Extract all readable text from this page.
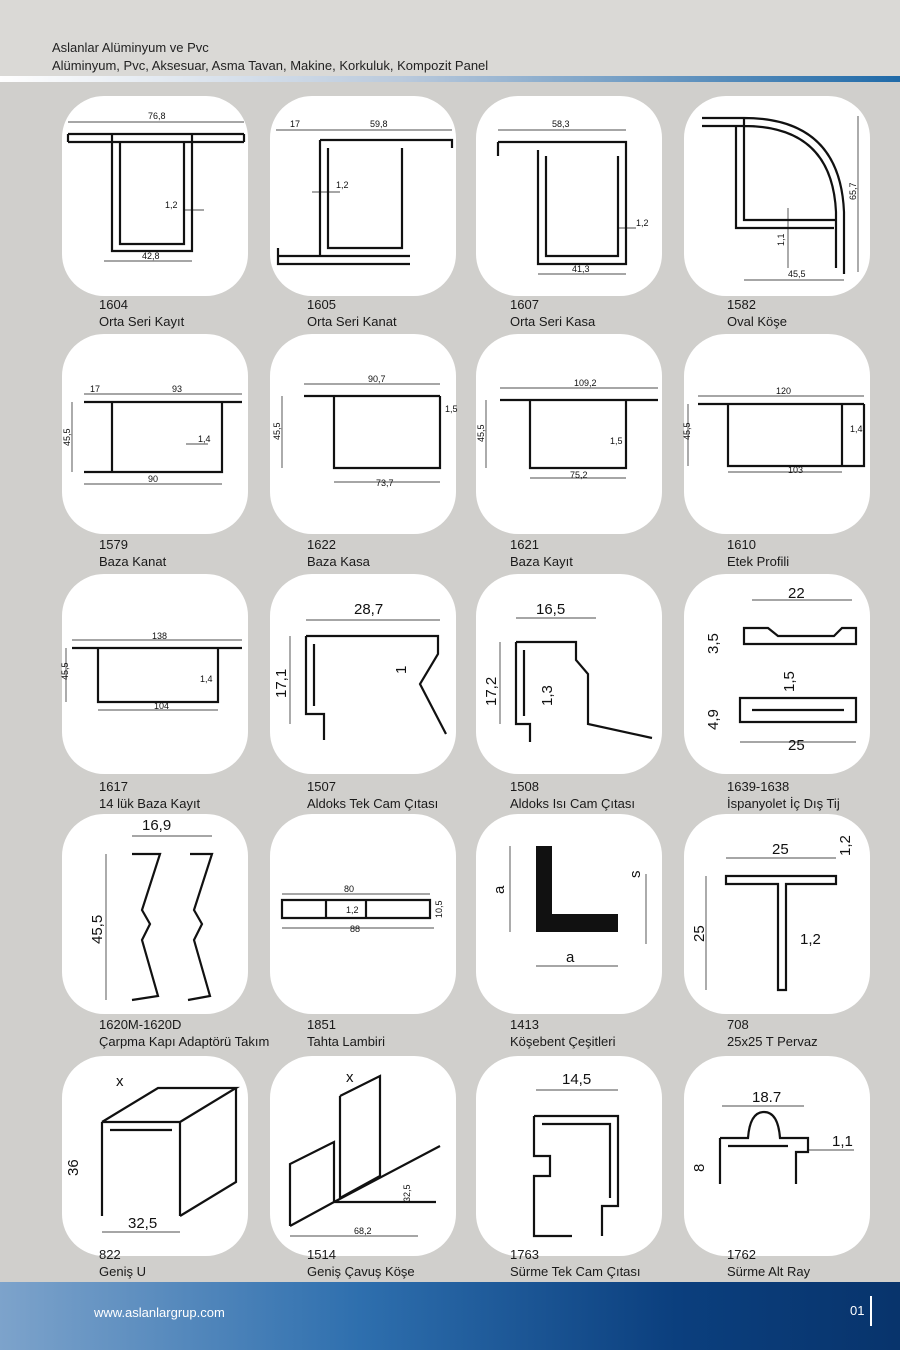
Aslanlar Alüminyum ve Pvc
Alüminyum, Pvc, Aksesuar, Asma Tavan, Makine, Korkuluk, Kompozit Panel
76,8
1,2
42,8
1604
Orta Seri Kayıt
17	59,8
1,2
1605
Orta Seri Kanat
58,3
1,2
41,3
1607
Orta Seri Kasa
65,7
1,1
45,5
1582
Oval Köşe
17	93
45,5	1,4
90
1579
Baza Kanat
90,7
45,5
1,5
73,7
1622
Baza Kasa
109,2
45,5	1,5
75,2
1621
Baza Kayıt
120
45,5	1,4
103
1610
Etek Profili
138
45,5	1,4
104
1617
14 lük Baza Kayıt
28,7
17,1	1
1507
Aldoks Tek Cam Çıtası
16,5
17,2	1,3
1508
Aldoks Isı Cam Çıtası
22
3,5
1,5
4,9
25
1639-1638
İspanyolet İç Dış Tij
16,9
45,5
1620M-1620D
Çarpma Kapı Adaptörü Takım
80
1,2	10,5
88
1851
Tahta Lambiri
a
s
a
1413
Köşebent Çeşitleri
25	1,2
25	1,2
708
25x25 T Pervaz
x
36
32,5
822
Geniş U
x
32,5
68,2
1514
Geniş Çavuş Köşe
14,5
1763
Sürme Tek Cam Çıtası
18.7
8
1,1
1762
Sürme Alt Ray
www.aslanlargrup.com	01
